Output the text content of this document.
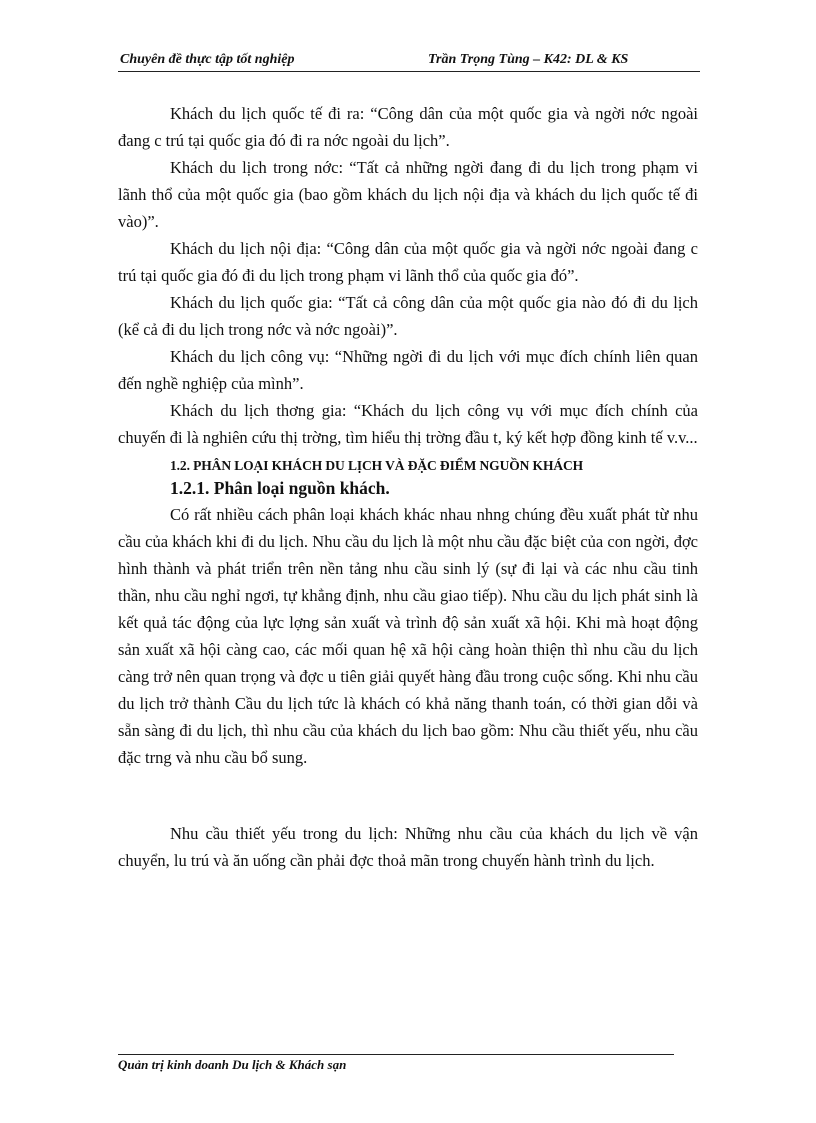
Chuyên đề thực tập tốt nghiệp	Trần Trọng Tùng – K42: DL & KS

Khách du lịch quốc tế đi ra: “Công dân của một quốc gia và ngời nớc ngoài đang c trú tại quốc gia đó đi ra nớc ngoài du lịch”.

Khách du lịch trong nớc: “Tất cả những ngời đang đi du lịch trong phạm vi lãnh thổ của một quốc gia (bao gồm khách du lịch nội địa và khách du lịch quốc tế đi vào)”.

Khách du lịch nội địa: “Công dân của một quốc gia và ngời nớc ngoài đang c trú tại quốc gia đó đi du lịch trong phạm vi lãnh thổ của quốc gia đó”.

Khách du lịch quốc gia: “Tất cả công dân của một quốc gia nào đó đi du lịch (kể cả đi du lịch trong nớc và nớc ngoài)”.

Khách du lịch công vụ: “Những ngời đi du lịch với mục đích chính liên quan đến nghề nghiệp của mình”.

Khách du lịch thơng gia: “Khách du lịch công vụ với mục đích chính của chuyến đi là nghiên cứu thị trờng, tìm hiểu thị trờng đầu t, ký kết hợp đồng kinh tế v.v...

1.2. PHÂN LOẠI KHÁCH DU LỊCH VÀ ĐẶC ĐIỂM NGUỒN KHÁCH
1.2.1. Phân loại nguồn khách.

Có rất nhiều cách phân loại khách khác nhau nhng chúng đều xuất phát từ nhu cầu của khách khi đi du lịch. Nhu cầu du lịch là một nhu cầu đặc biệt của con ngời, đợc hình thành và phát triển trên nền tảng nhu cầu sinh lý (sự đi lại và các nhu cầu tinh thần, nhu cầu nghỉ ngơi, tự khẳng định, nhu cầu giao tiếp). Nhu cầu du lịch phát sinh là kết quả tác động của lực lợng sản xuất và trình độ sản xuất xã hội. Khi mà hoạt động sản xuất xã hội càng cao, các mối quan hệ xã hội càng hoàn thiện thì nhu cầu du lịch càng trở nên quan trọng và đợc u tiên giải quyết hàng đầu trong cuộc sống. Khi nhu cầu du lịch trở thành Cầu du lịch tức là khách có khả năng thanh toán, có thời gian dỗi và sẵn sàng đi du lịch, thì nhu cầu của khách du lịch bao gồm: Nhu cầu thiết yếu, nhu cầu đặc trng và nhu cầu bổ sung.

Nhu cầu thiết yếu trong du lịch: Những nhu cầu của khách du lịch về vận chuyển, lu trú và ăn uống cần phải đợc thoả mãn trong chuyến hành trình du lịch.

Quản trị kinh doanh Du lịch & Khách sạn
